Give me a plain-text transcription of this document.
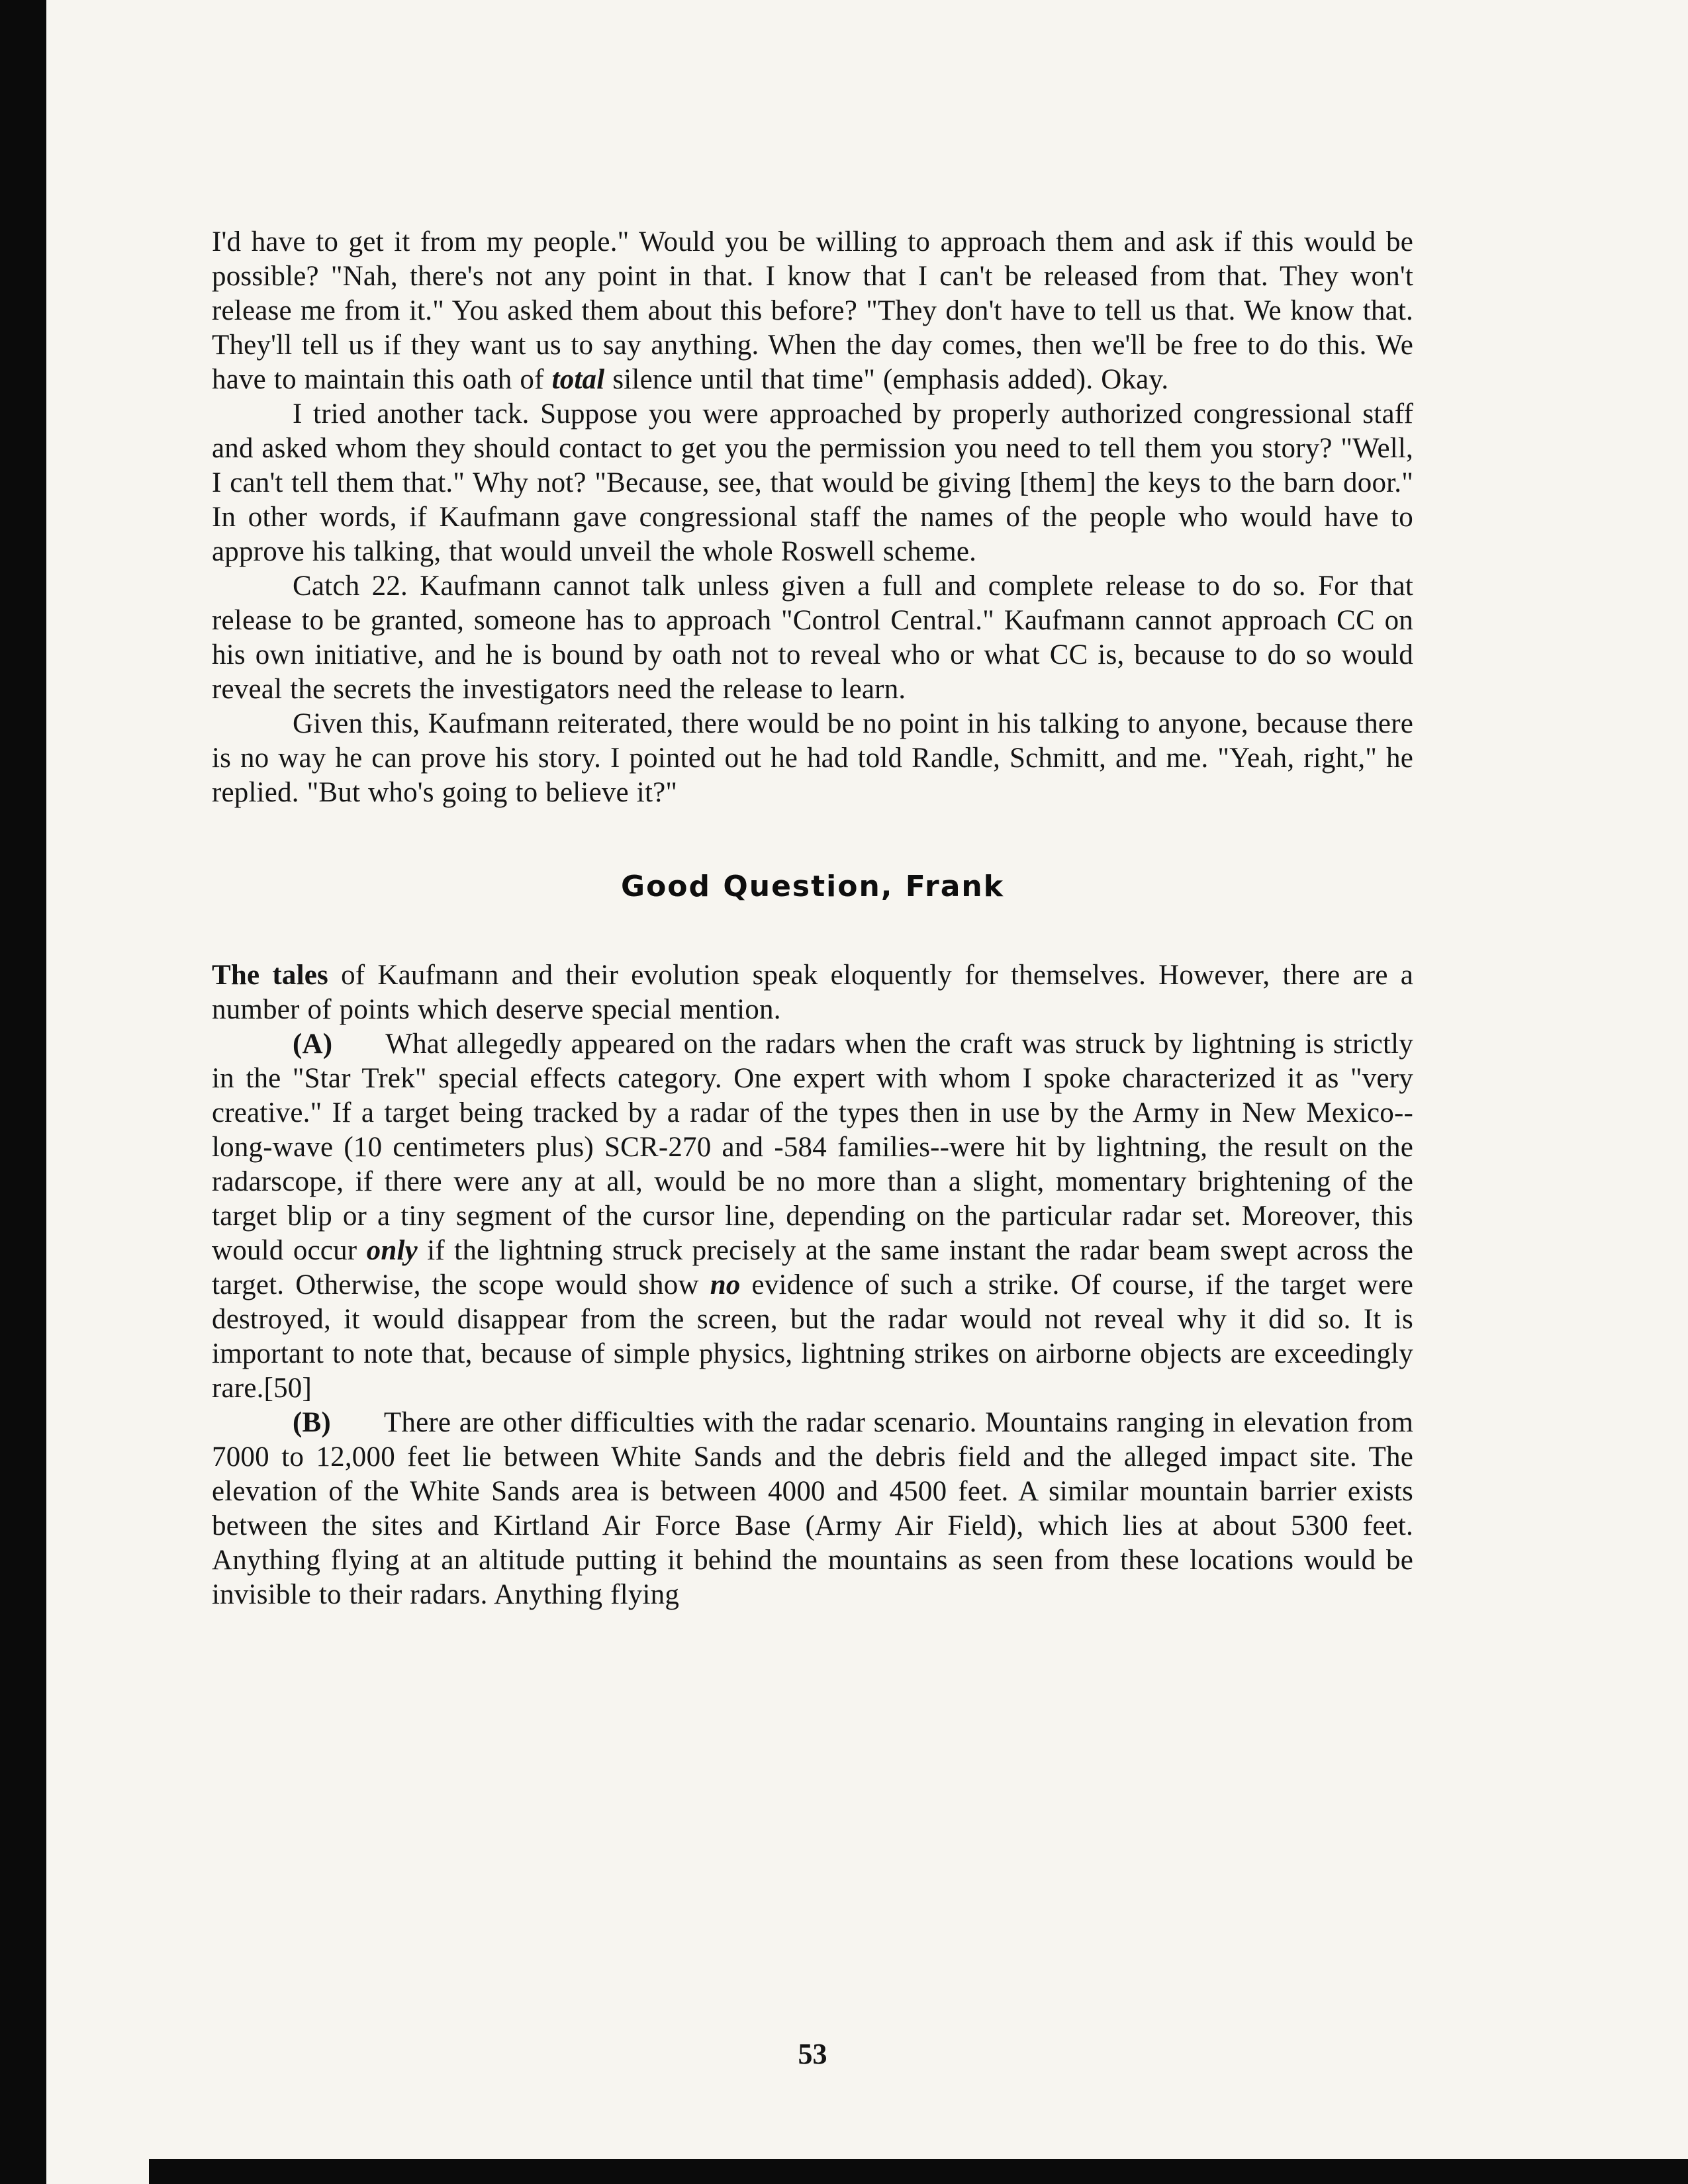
I'd have to get it from my people." Would you be willing to approach them and ask if this would be possible? "Nah, there's not any point in that. I know that I can't be released from that. They won't release me from it." You asked them about this before? "They don't have to tell us that. We know that. They'll tell us if they want us to say anything. When the day comes, then we'll be free to do this. We have to maintain this oath of total silence until that time" (emphasis added). Okay.

I tried another tack. Suppose you were approached by properly authorized congressional staff and asked whom they should contact to get you the permission you need to tell them you story? "Well, I can't tell them that." Why not? "Because, see, that would be giving [them] the keys to the barn door." In other words, if Kaufmann gave congressional staff the names of the people who would have to approve his talking, that would unveil the whole Roswell scheme.

Catch 22. Kaufmann cannot talk unless given a full and complete release to do so. For that release to be granted, someone has to approach "Control Central." Kaufmann cannot approach CC on his own initiative, and he is bound by oath not to reveal who or what CC is, because to do so would reveal the secrets the investigators need the release to learn.

Given this, Kaufmann reiterated, there would be no point in his talking to anyone, because there is no way he can prove his story. I pointed out he had told Randle, Schmitt, and me. "Yeah, right," he replied. "But who's going to believe it?"

Good Question, Frank

The tales of Kaufmann and their evolution speak eloquently for themselves. However, there are a number of points which deserve special mention.

(A) What allegedly appeared on the radars when the craft was struck by lightning is strictly in the "Star Trek" special effects category. One expert with whom I spoke characterized it as "very creative." If a target being tracked by a radar of the types then in use by the Army in New Mexico--long-wave (10 centimeters plus) SCR-270 and -584 families--were hit by lightning, the result on the radarscope, if there were any at all, would be no more than a slight, momentary brightening of the target blip or a tiny segment of the cursor line, depending on the particular radar set. Moreover, this would occur only if the lightning struck precisely at the same instant the radar beam swept across the target. Otherwise, the scope would show no evidence of such a strike. Of course, if the target were destroyed, it would disappear from the screen, but the radar would not reveal why it did so. It is important to note that, because of simple physics, lightning strikes on airborne objects are exceedingly rare.[50]

(B) There are other difficulties with the radar scenario. Mountains ranging in elevation from 7000 to 12,000 feet lie between White Sands and the debris field and the alleged impact site. The elevation of the White Sands area is between 4000 and 4500 feet. A similar mountain barrier exists between the sites and Kirtland Air Force Base (Army Air Field), which lies at about 5300 feet. Anything flying at an altitude putting it behind the mountains as seen from these locations would be invisible to their radars. Anything flying

53
